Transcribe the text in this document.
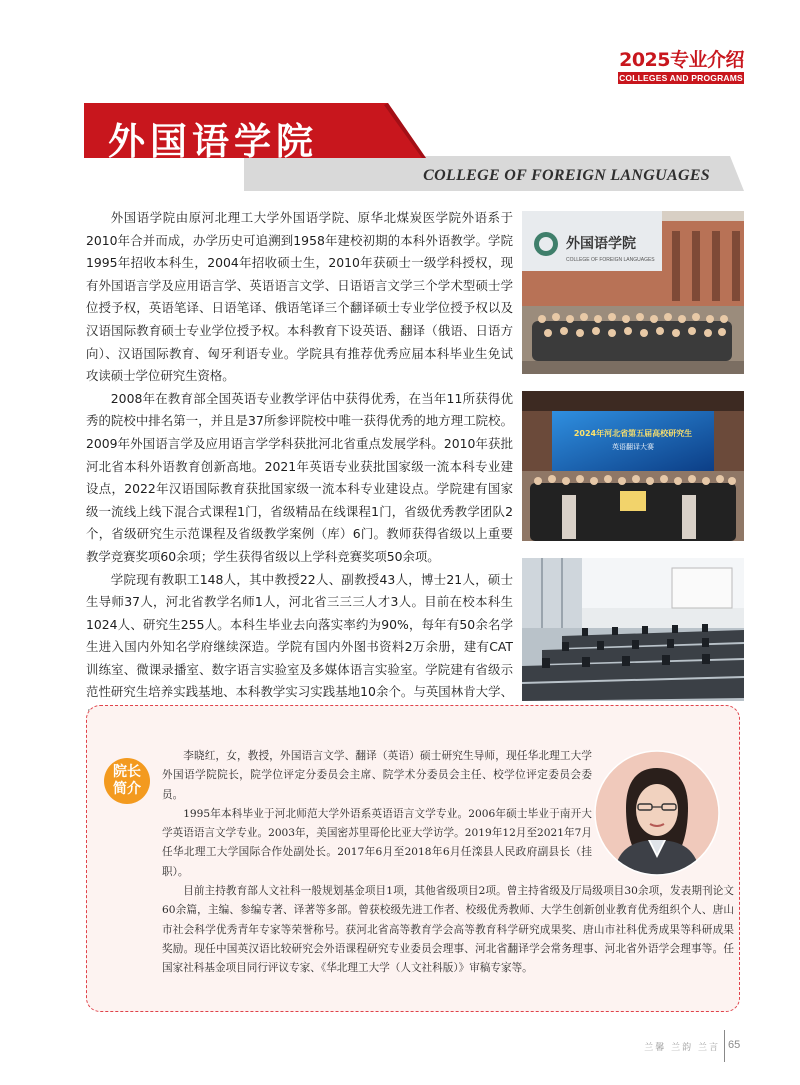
2025专业介绍
COLLEGES AND PROGRAMS
外国语学院
COLLEGE OF FOREIGN LANGUAGES

外国语学院由原河北理工大学外国语学院、原华北煤炭医学院外语系于2010年合并而成，办学历史可追溯到1958年建校初期的本科外语教学。学院1995年招收本科生，2004年招收硕士生，2010年获硕士一级学科授权，现有外国语言学及应用语言学、英语语言文学、日语语言文学三个学术型硕士学位授予权，英语笔译、日语笔译、俄语笔译三个翻译硕士专业学位授予权以及汉语国际教育硕士专业学位授予权。本科教育下设英语、翻译（俄语、日语方向）、汉语国际教育、匈牙利语专业。学院具有推荐优秀应届本科毕业生免试攻读硕士学位研究生资格。

2008年在教育部全国英语专业教学评估中获得优秀，在当年11所获得优秀的院校中排名第一，并且是37所参评院校中唯一获得优秀的地方理工院校。2009年外国语言学及应用语言学学科获批河北省重点发展学科。2010年获批河北省本科外语教育创新高地。2021年英语专业获批国家级一流本科专业建设点，2022年汉语国际教育获批国家级一流本科专业建设点。学院建有国家级一流线上线下混合式课程1门，省级精品在线课程1门，省级优秀教学团队2个，省级研究生示范课程及省级教学案例（库）6门。教师获得省级以上重要教学竞赛奖项60余项；学生获得省级以上学科竞赛奖项50余项。

学院现有教职工148人，其中教授22人、副教授43人，博士21人，硕士生导师37人，河北省教学名师1人，河北省三三三人才3人。目前在校本科生1024人、研究生255人。本科生毕业去向落实率约为90%，每年有50余名学生进入国内外知名学府继续深造。学院有国内外图书资料2万余册，建有CAT训练室、微课录播室、数字语言实验室及多媒体语言实验室。学院建有省级示范性研究生培养实践基地、本科教学实习实践基地10余个。与英国林肯大学、

外国语学院
COLLEGE OF FOREIGN LANGUAGES
2024年河北省第五届高校研究生
英语翻译大赛
院长
简介

李晓红，女，教授，外国语言文学、翻译（英语）硕士研究生导师，现任华北理工大学外国语学院院长，院学位评定分委员会主席、院学术分委员会主任、校学位评定委员会委员。

1995年本科毕业于河北师范大学外语系英语语言文学专业。2006年硕士毕业于南开大学英语语言文学专业。2003年，美国密苏里哥伦比亚大学访学。2019年12月至2021年7月任华北理工大学国际合作处副处长。2017年6月至2018年6月任滦县人民政府副县长（挂职）。

目前主持教育部人文社科一般规划基金项目1项，其他省级项目2项。曾主持省级及厅局级项目30余项，发表期刊论文60余篇，主编、参编专著、译著等多部。曾获校级先进工作者、校级优秀教师、大学生创新创业教育优秀组织个人、唐山市社会科学优秀青年专家等荣誉称号。获河北省高等教育学会高等教育科学研究成果奖、唐山市社科优秀成果等科研成果奖励。现任中国英汉语比较研究会外语课程研究专业委员会理事、河北省翻译学会常务理事、河北省外语学会理事等。任国家社科基金项目同行评议专家、《华北理工大学（人文社科版）》审稿专家等。

兰馨 兰韵 兰言 65
